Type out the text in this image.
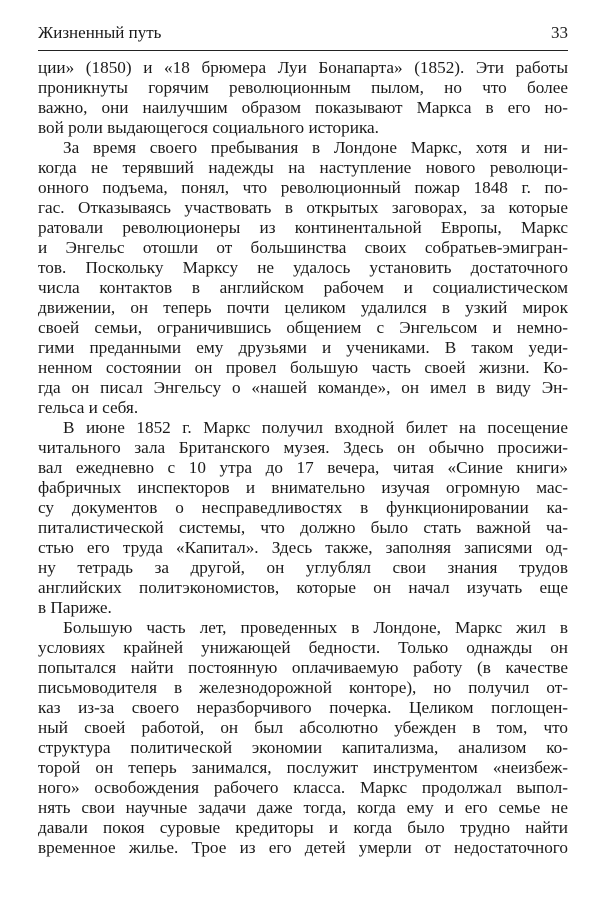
Жизненный путь	33
ции» (1850) и «18 брюмера Луи Бонапарта» (1852). Эти работы
проникнуты горячим революционным пылом, но что более
важно, они наилучшим образом показывают Маркса в его но-
вой роли выдающегося социального историка.
За время своего пребывания в Лондоне Маркс, хотя и ни-
когда не терявший надежды на наступление нового революци-
онного подъема, понял, что революционный пожар 1848 г. по-
гас. Отказываясь участвовать в открытых заговорах, за которые
ратовали революционеры из континентальной Европы, Маркс
и Энгельс отошли от большинства своих собратьев-эмигран-
тов. Поскольку Марксу не удалось установить достаточного
числа контактов в английском рабочем и социалистическом
движении, он теперь почти целиком удалился в узкий мирок
своей семьи, ограничившись общением с Энгельсом и немно-
гими преданными ему друзьями и учениками. В таком уеди-
ненном состоянии он провел большую часть своей жизни. Ко-
гда он писал Энгельсу о «нашей команде», он имел в виду Эн-
гельса и себя.
В июне 1852 г. Маркс получил входной билет на посещение
читального зала Британского музея. Здесь он обычно просижи-
вал ежедневно с 10 утра до 17 вечера, читая «Синие книги»
фабричных инспекторов и внимательно изучая огромную мас-
су документов о несправедливостях в функционировании ка-
питалистической системы, что должно было стать важной ча-
стью его труда «Капитал». Здесь также, заполняя записями од-
ну тетрадь за другой, он углублял свои знания трудов
английских политэкономистов, которые он начал изучать еще
в Париже.
Большую часть лет, проведенных в Лондоне, Маркс жил в
условиях крайней унижающей бедности. Только однажды он
попытался найти постоянную оплачиваемую работу (в качестве
письмоводителя в железнодорожной конторе), но получил от-
каз из-за своего неразборчивого почерка. Целиком поглощен-
ный своей работой, он был абсолютно убежден в том, что
структура политической экономии капитализма, анализом ко-
торой он теперь занимался, послужит инструментом «неизбеж-
ного» освобождения рабочего класса. Маркс продолжал выпол-
нять свои научные задачи даже тогда, когда ему и его семье не
давали покоя суровые кредиторы и когда было трудно найти
временное жилье. Трое из его детей умерли от недостаточного
